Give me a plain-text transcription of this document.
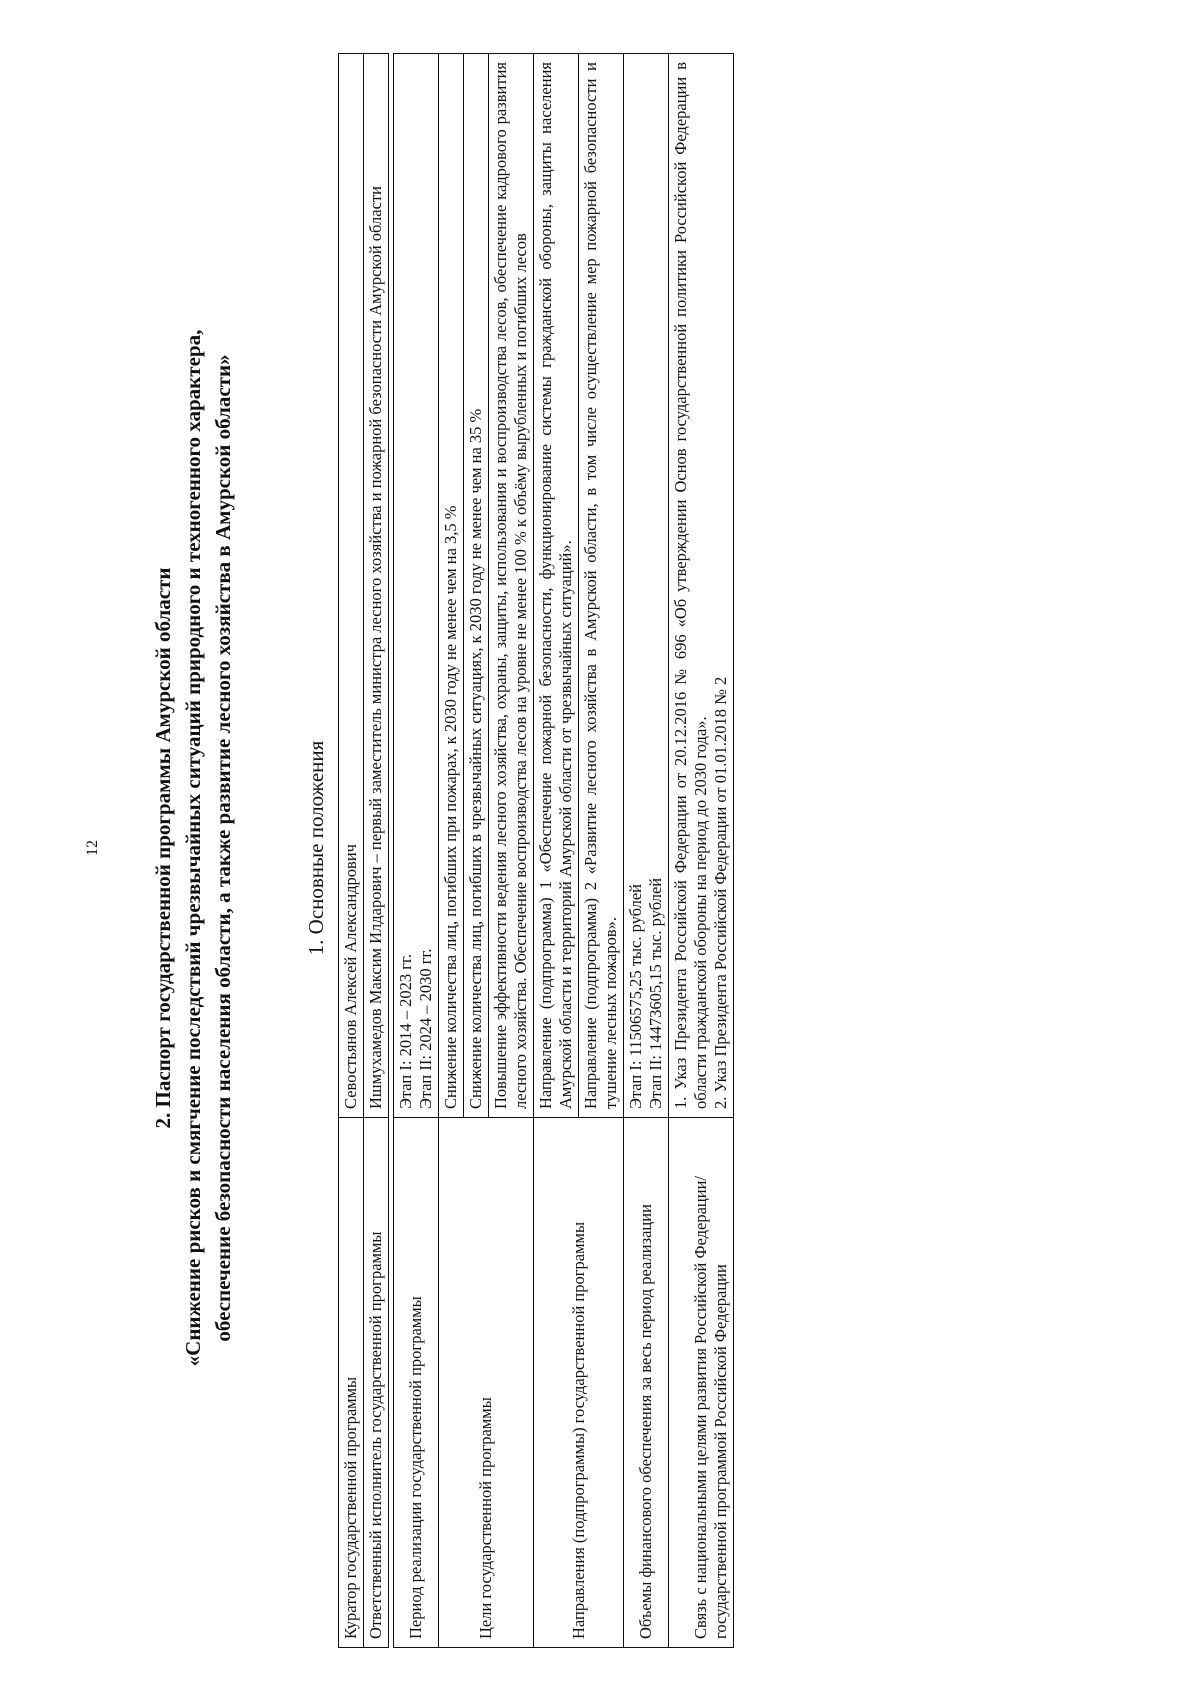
12 2. Паспорт государственной программы Амурской области «Снижение рисков и смягчение последствий чрезвычайных ситуаций природного и техногенного характера, обеспечение безопасности населения области, а также развитие лесного хозяйства в Амурской области»	1. Основные положения
Куратор государственной программы	Севостьянов Алексей Александрович
Ответственный исполнитель государственной программы	Ишмухамедов Максим Илдарович – первый заместитель министра лесного хозяйства и пожарной безопасности Амурской области

Период реализации государственной программы	Этап I: 2014 – 2023 гг. Этап II: 2024 – 2030 гг.

Цели государственной программы	Снижение количества лиц, погибших при пожарах, к 2030 году не менее чем на 3,5 %
	Снижение количества лиц, погибших в чрезвычайных ситуациях, к 2030 году не менее чем на 35 %
	Повышение эффективности ведения лесного хозяйства, охраны, защиты, использования и воспроизводства лесов, обеспечение кадрового развития лесного хозяйства. Обеспечение воспроизводства лесов на уровне не менее 100 % к объёму вырубленных и погибших лесов
Направления (подпрограммы) государственной программы	Направление (подпрограмма) 1 «Обеспечение пожарной безопасности, функционирование системы гражданской обороны, защиты населения Амурской области и территорий Амурской области от чрезвычайных ситуаций».
	Направление (подпрограмма) 2 «Развитие лесного хозяйства в Амурской области, в том числе осуществление мер пожарной безопасности и тушение лесных пожаров».
Объемы финансового обеспечения за весь период реализации	Этап I: 11506575,25 тыс. рублей Этап II: 14473605,15 тыс. рублей

Связь с национальными целями развития Российской Федерации/ государственной программой Российской Федерации	1. Указ Президента Российской Федерации от 20.12.2016 № 696 «Об утверждении Основ государственной политики Российской Федерации в области гражданской обороны на период до 2030 года». 2. Указ Президента Российской Федерации от 01.01.2018 № 2
